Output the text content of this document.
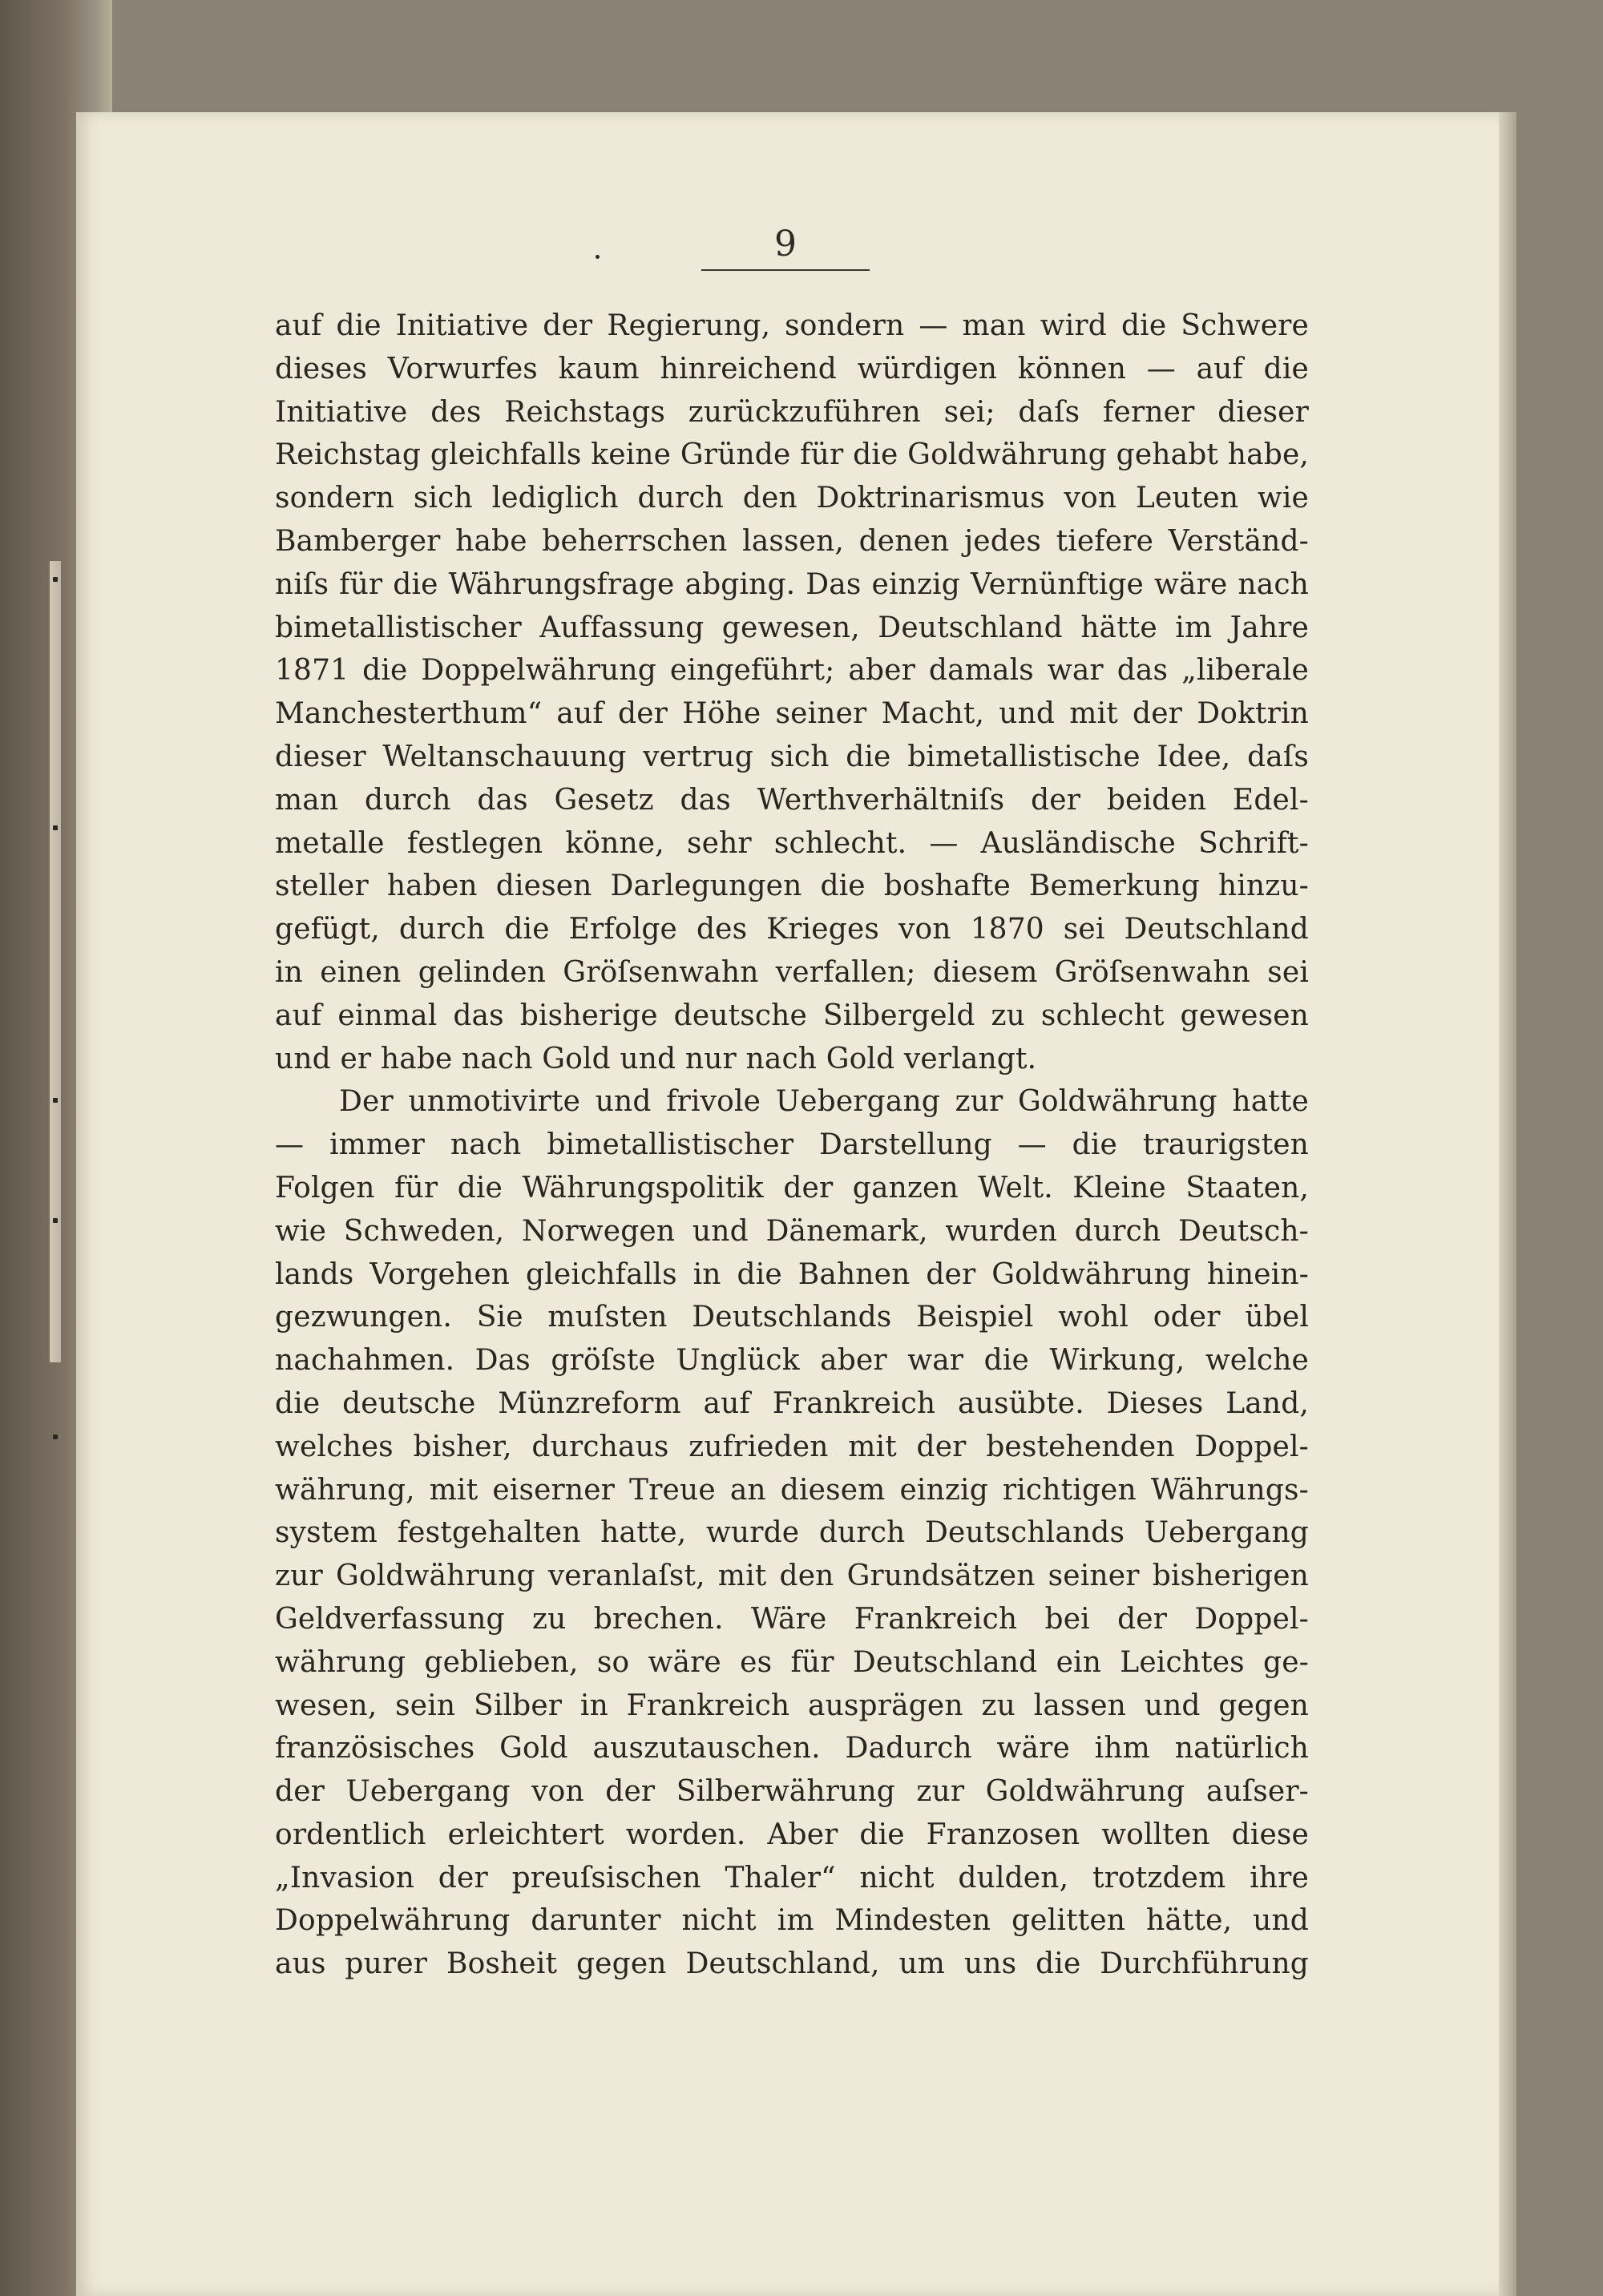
9
auf die Initiative der Regierung, sondern — man wird die Schwere
dieses Vorwurfes kaum hinreichend würdigen können — auf die
Initiative des Reichstags zurückzuführen sei; daſs ferner dieser
Reichstag gleichfalls keine Gründe für die Goldwährung gehabt habe,
sondern sich lediglich durch den Doktrinarismus von Leuten wie
Bamberger habe beherrschen lassen, denen jedes tiefere Verständ-
niſs für die Währungsfrage abging. Das einzig Vernünftige wäre nach
bimetallistischer Auffassung gewesen, Deutschland hätte im Jahre
1871 die Doppelwährung eingeführt; aber damals war das „liberale
Manchesterthum“ auf der Höhe seiner Macht, und mit der Doktrin
dieser Weltanschauung vertrug sich die bimetallistische Idee, daſs
man durch das Gesetz das Werthverhältniſs der beiden Edel-
metalle festlegen könne, sehr schlecht. — Ausländische Schrift-
steller haben diesen Darlegungen die boshafte Bemerkung hinzu-
gefügt, durch die Erfolge des Krieges von 1870 sei Deutschland
in einen gelinden Gröſsenwahn verfallen; diesem Gröſsenwahn sei
auf einmal das bisherige deutsche Silbergeld zu schlecht gewesen
und er habe nach Gold und nur nach Gold verlangt.
Der unmotivirte und frivole Uebergang zur Goldwährung hatte
— immer nach bimetallistischer Darstellung — die traurigsten
Folgen für die Währungspolitik der ganzen Welt. Kleine Staaten,
wie Schweden, Norwegen und Dänemark, wurden durch Deutsch-
lands Vorgehen gleichfalls in die Bahnen der Goldwährung hinein-
gezwungen. Sie muſsten Deutschlands Beispiel wohl oder übel
nachahmen. Das gröſste Unglück aber war die Wirkung, welche
die deutsche Münzreform auf Frankreich ausübte. Dieses Land,
welches bisher, durchaus zufrieden mit der bestehenden Doppel-
währung, mit eiserner Treue an diesem einzig richtigen Währungs-
system festgehalten hatte, wurde durch Deutschlands Uebergang
zur Goldwährung veranlaſst, mit den Grundsätzen seiner bisherigen
Geldverfassung zu brechen. Wäre Frankreich bei der Doppel-
währung geblieben, so wäre es für Deutschland ein Leichtes ge-
wesen, sein Silber in Frankreich ausprägen zu lassen und gegen
französisches Gold auszutauschen. Dadurch wäre ihm natürlich
der Uebergang von der Silberwährung zur Goldwährung auſser-
ordentlich erleichtert worden. Aber die Franzosen wollten diese
„Invasion der preuſsischen Thaler“ nicht dulden, trotzdem ihre
Doppelwährung darunter nicht im Mindesten gelitten hätte, und
aus purer Bosheit gegen Deutschland, um uns die Durchführung
